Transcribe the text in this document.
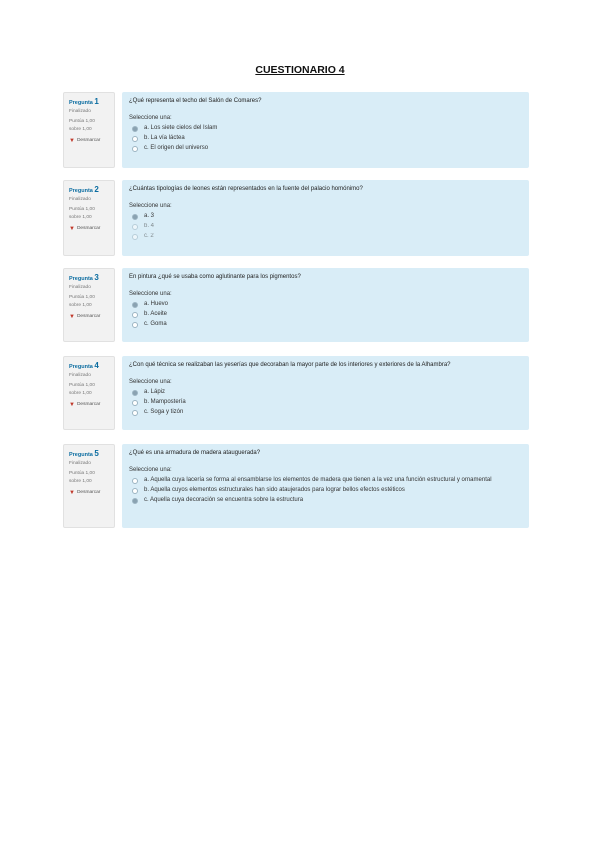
CUESTIONARIO 4
Pregunta 1
Finalizado
Puntúa 1,00
sobre 1,00
▼ Desmarcar
¿Qué representa el techo del Salón de Comares?
Seleccione una:
a. Los siete cielos del Islam
b. La vía láctea
c. El origen del universo
Pregunta 2
Finalizado
Puntúa 1,00
sobre 1,00
▼ Desmarcar
¿Cuántas tipologías de leones están representados en la fuente del palacio homónimo?
Seleccione una:
a. 3
b. 4
c. 2
Pregunta 3
Finalizado
Puntúa 1,00
sobre 1,00
▼ Desmarcar
En pintura ¿qué se usaba como aglutinante para los pigmentos?
Seleccione una:
a. Huevo
b. Aceite
c. Goma
Pregunta 4
Finalizado
Puntúa 1,00
sobre 1,00
▼ Desmarcar
¿Con qué técnica se realizaban las yeserías que decoraban la mayor parte de los interiores y exteriores de la Alhambra?
Seleccione una:
a. Lápiz
b. Mampostería
c. Soga y tizón
Pregunta 5
Finalizado
Puntúa 1,00
sobre 1,00
▼ Desmarcar
¿Qué es una armadura de madera atauguerada?
Seleccione una:
a. Aquella cuya lacería se forma al ensamblarse los elementos de madera que tienen a la vez una función estructural y ornamental
b. Aquella cuyos elementos estructurales han sido ataujerados para lograr bellos efectos estéticos
c. Aquella cuya decoración se encuentra sobre la estructura
